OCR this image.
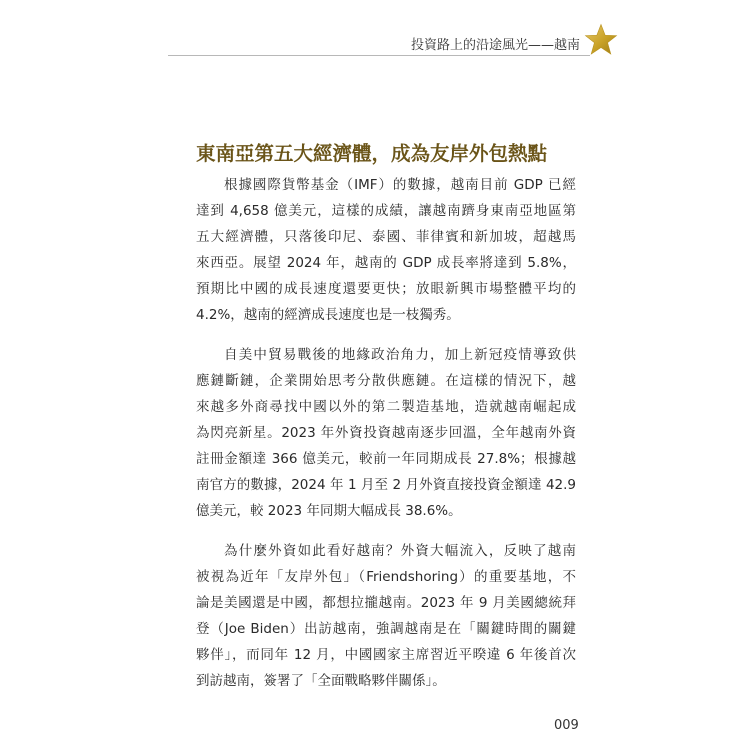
投資路上的沿途風光——越南
東南亞第五大經濟體，成為友岸外包熱點
根據國際貨幣基金（IMF）的數據，越南目前 GDP 已經
達到 4,658 億美元，這樣的成績，讓越南躋身東南亞地區第
五大經濟體，只落後印尼、泰國、菲律賓和新加坡，超越馬
來西亞。展望 2024 年，越南的 GDP 成長率將達到 5.8%，
預期比中國的成長速度還要更快；放眼新興市場整體平均的
4.2%，越南的經濟成長速度也是一枝獨秀。
自美中貿易戰後的地緣政治角力，加上新冠疫情導致供
應鏈斷鏈，企業開始思考分散供應鏈。在這樣的情況下，越
來越多外商尋找中國以外的第二製造基地，造就越南崛起成
為閃亮新星。2023 年外資投資越南逐步回溫，全年越南外資
註冊金額達 366 億美元，較前一年同期成長 27.8%；根據越
南官方的數據，2024 年 1 月至 2 月外資直接投資金額達 42.9
億美元，較 2023 年同期大幅成長 38.6%。
為什麼外資如此看好越南？外資大幅流入，反映了越南
被視為近年「友岸外包」（Friendshoring）的重要基地，不
論是美國還是中國，都想拉攏越南。2023 年 9 月美國總統拜
登（Joe Biden）出訪越南，強調越南是在「關鍵時間的關鍵
夥伴」，而同年 12 月，中國國家主席習近平暌違 6 年後首次
到訪越南，簽署了「全面戰略夥伴關係」。
009
